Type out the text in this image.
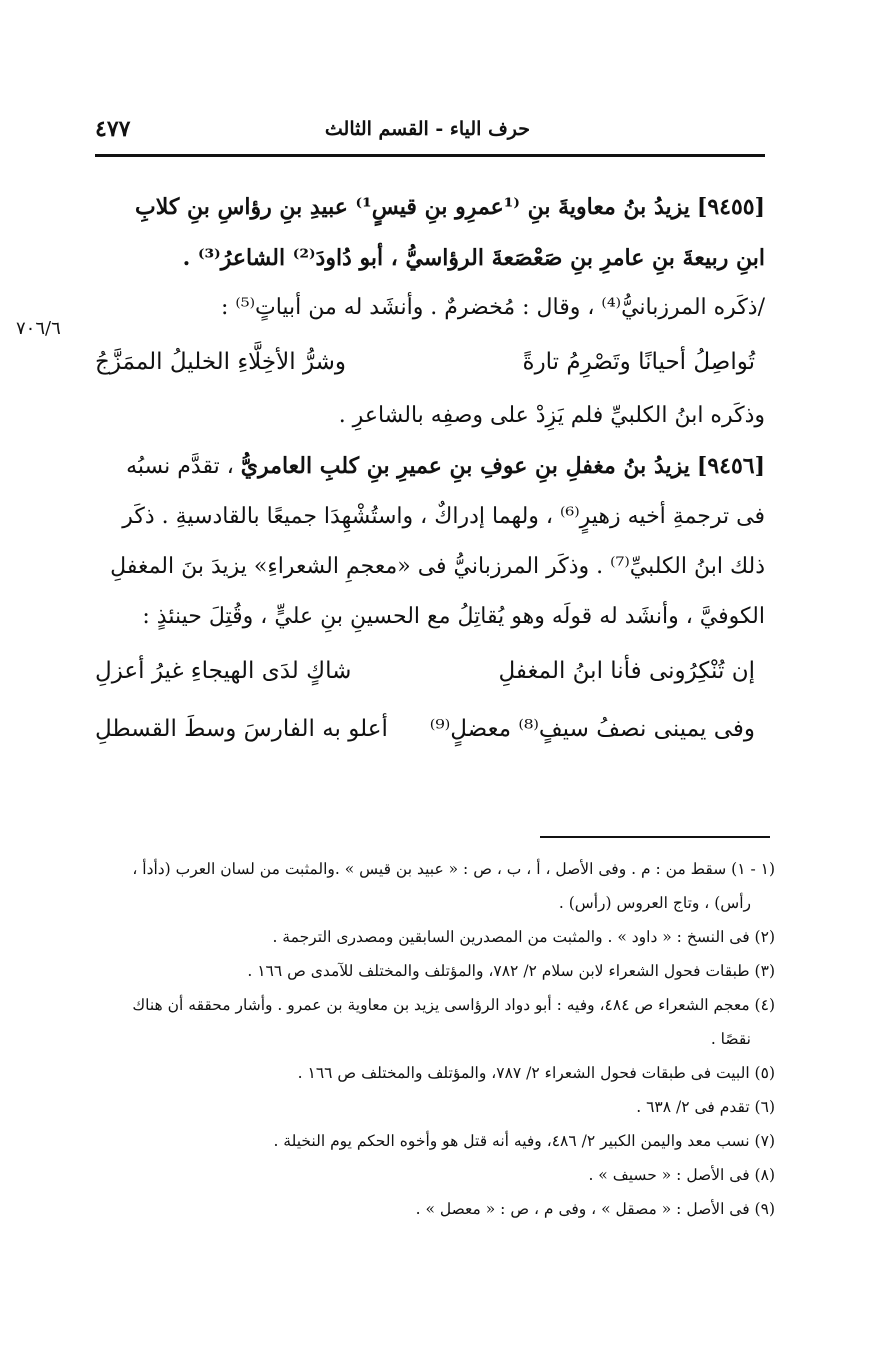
حرف الياء - القسم الثالث
٤٧٧
٧٠٦/٦

[٩٤٥٥] يزيدُ بنُ معاويةَ بنِ ⁽¹عمرِو بنِ قيسٍ¹⁾ عبيدِ بنِ رؤاسِ بنِ كلابِ

ابنِ ربيعةَ بنِ عامرِ بنِ صَعْصَعةَ الرؤاسيُّ ، أبو دُاودَ⁽²⁾ الشاعرُ⁽³⁾ .

/ذكَره المرزبانيُّ⁽⁴⁾ ، وقال : مُخضرمٌ . وأنشَد له من أبياتٍ⁽⁵⁾ :

تُواصِلُ أحيانًا وتَصْرِمُ تارةً
وشرُّ الأخِلَّاءِ الخليلُ الممَزَّجُ

وذكَره ابنُ الكلبيِّ فلم يَزِدْ على وصفِه بالشاعرِ .

[٩٤٥٦] يزيدُ بنُ مغفلِ بنِ عوفِ بنِ عميرِ بنِ كلبِ العامريُّ ، تقدَّم نسبُه

فى ترجمةِ أخيه زهيرٍ⁽⁶⁾ ، ولهما إدراكٌ ، واستُشْهِدَا جميعًا بالقادسيةِ . ذكَر

ذلك ابنُ الكلبيِّ⁽⁷⁾ . وذكَر المرزبانيُّ فى «معجمِ الشعراءِ» يزيدَ بنَ المغفلِ

الكوفيَّ ، وأنشَد له قولَه وهو يُقاتِلُ مع الحسينِ بنِ عليٍّ ، وقُتِلَ حينئذٍ :

إن تُنْكِرُونى فأنا ابنُ المغفلِ
شاكٍ لدَى الهيجاءِ غيرُ أعزلِ
وفى يمينى نصفُ سيفٍ⁽⁸⁾ معضلٍ⁽⁹⁾
أعلو به الفارسَ وسطَ القسطلِ

(١ - ١) سقط من : م . وفى الأصل ، أ ، ب ، ص : « عبيد بن قيس » .والمثبت من لسان العرب (دأدأ ،

رأس) ، وتاج العروس (رأس) .

(٢) فى النسخ : « داود » . والمثبت من المصدرين السابقين ومصدرى الترجمة .

(٣) طبقات فحول الشعراء لابن سلام ٢/ ٧٨٢، والمؤتلف والمختلف للآمدى ص ١٦٦ .

(٤) معجم الشعراء ص ٤٨٤، وفيه : أبو دواد الرؤاسى يزيد بن معاوية بن عمرو . وأشار محققه أن هناك

نقصًا .

(٥) البيت فى طبقات فحول الشعراء ٢/ ٧٨٧، والمؤتلف والمختلف ص ١٦٦ .

(٦) تقدم فى ٢/ ٦٣٨ .

(٧) نسب معد واليمن الكبير ٢/ ٤٨٦، وفيه أنه قتل هو وأخوه الحكم يوم النخيلة .

(٨) فى الأصل : « حسيف » .

(٩) فى الأصل : « مصقل » ، وفى م ، ص : « معصل » .
